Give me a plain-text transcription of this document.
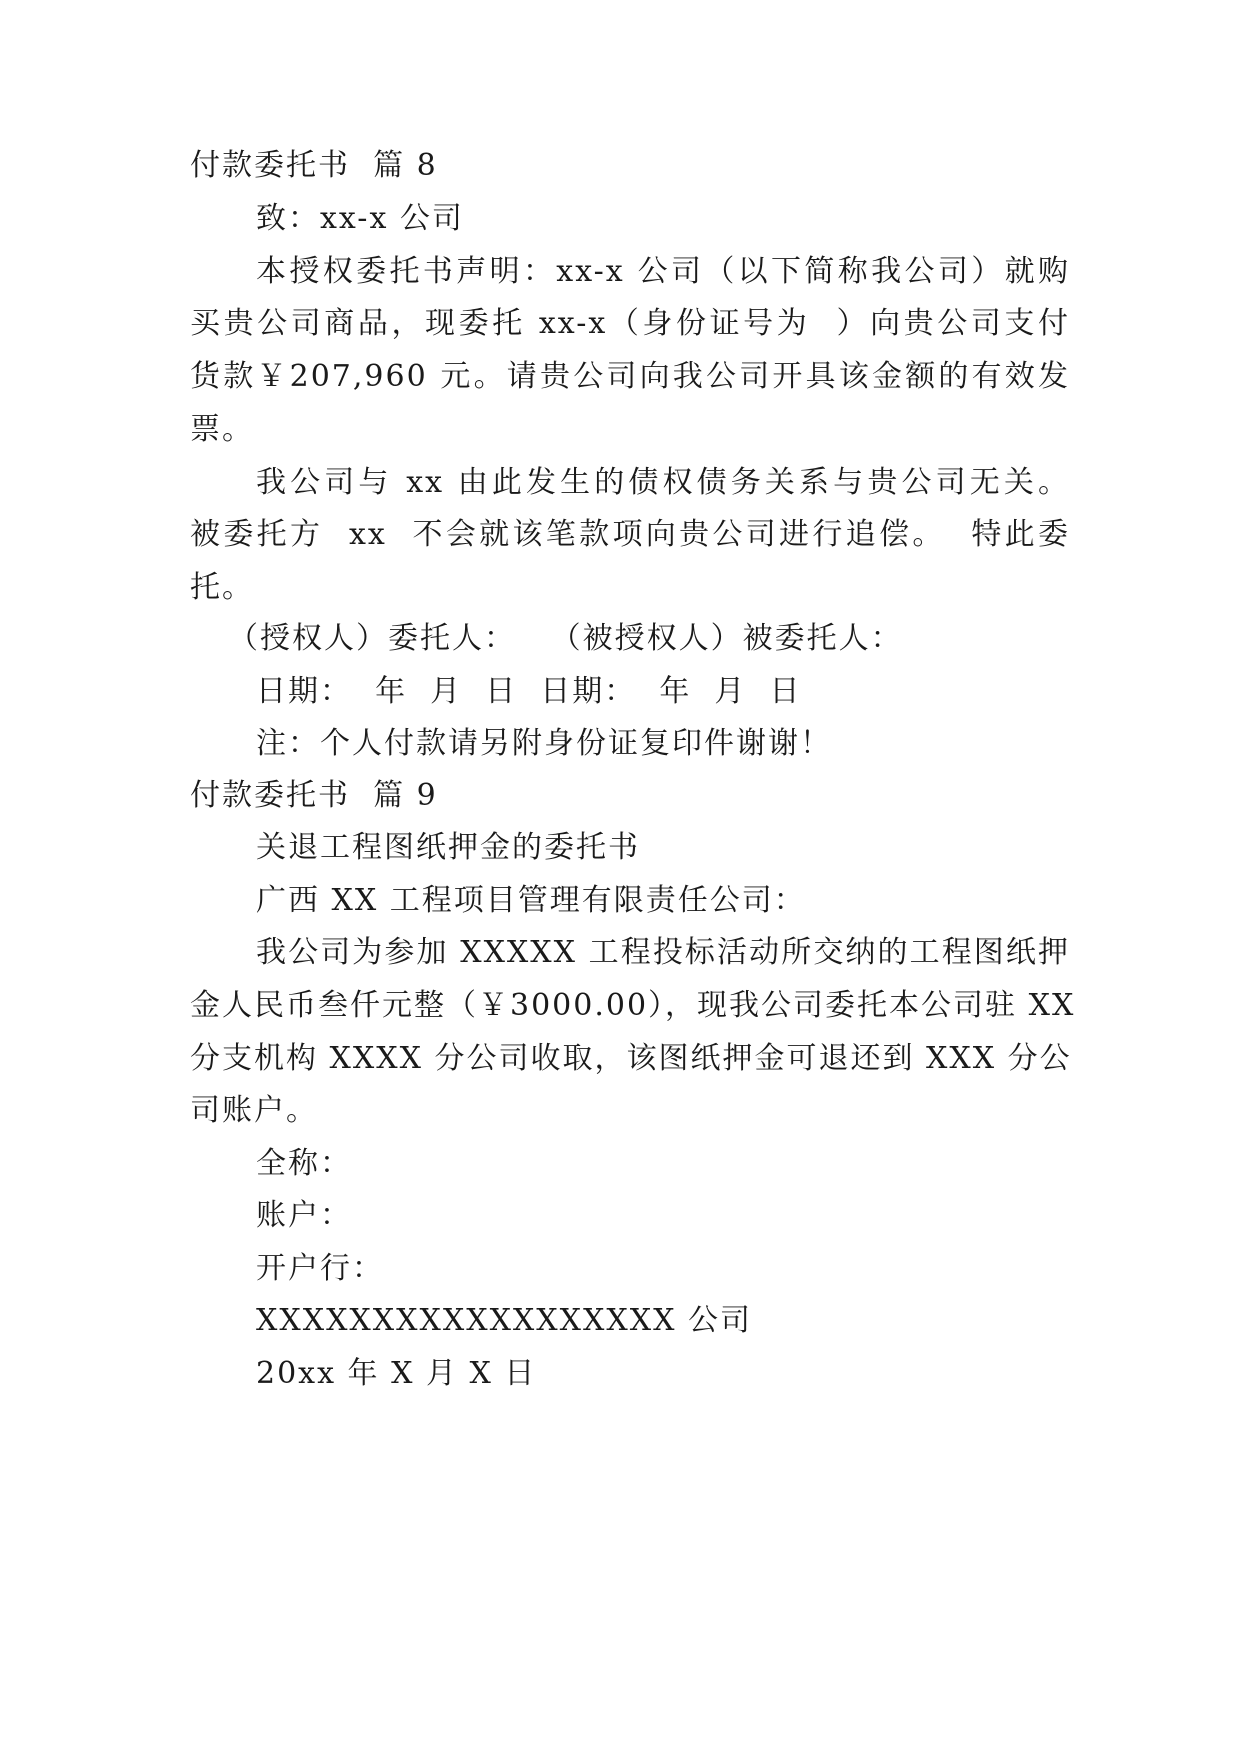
付款委托书  篇 8

致：xx-x 公司

本授权委托书声明：xx-x 公司（以下简称我公司）就购

买贵公司商品，现委托 xx-x（身份证号为  ）向贵公司支付

货款￥207,960 元。请贵公司向我公司开具该金额的有效发

票。

我公司与 xx 由此发生的债权债务关系与贵公司无关。

被委托方  xx  不会就该笔款项向贵公司进行追偿。  特此委

托。

（授权人）委托人：   （被授权人）被委托人：

日期：  年  月  日  日期：  年  月  日

注：个人付款请另附身份证复印件谢谢！

付款委托书  篇 9

关退工程图纸押金的委托书

广西 XX 工程项目管理有限责任公司：

我公司为参加 XXXXX 工程投标活动所交纳的工程图纸押

金人民币叁仟元整（￥3000.00），现我公司委托本公司驻 XX

分支机构 XXXX 分公司收取，该图纸押金可退还到 XXX 分公

司账户。

全称：

账户：

开户行：

XXXXXXXXXXXXXXXXXX 公司

20xx 年 X 月 X 日
